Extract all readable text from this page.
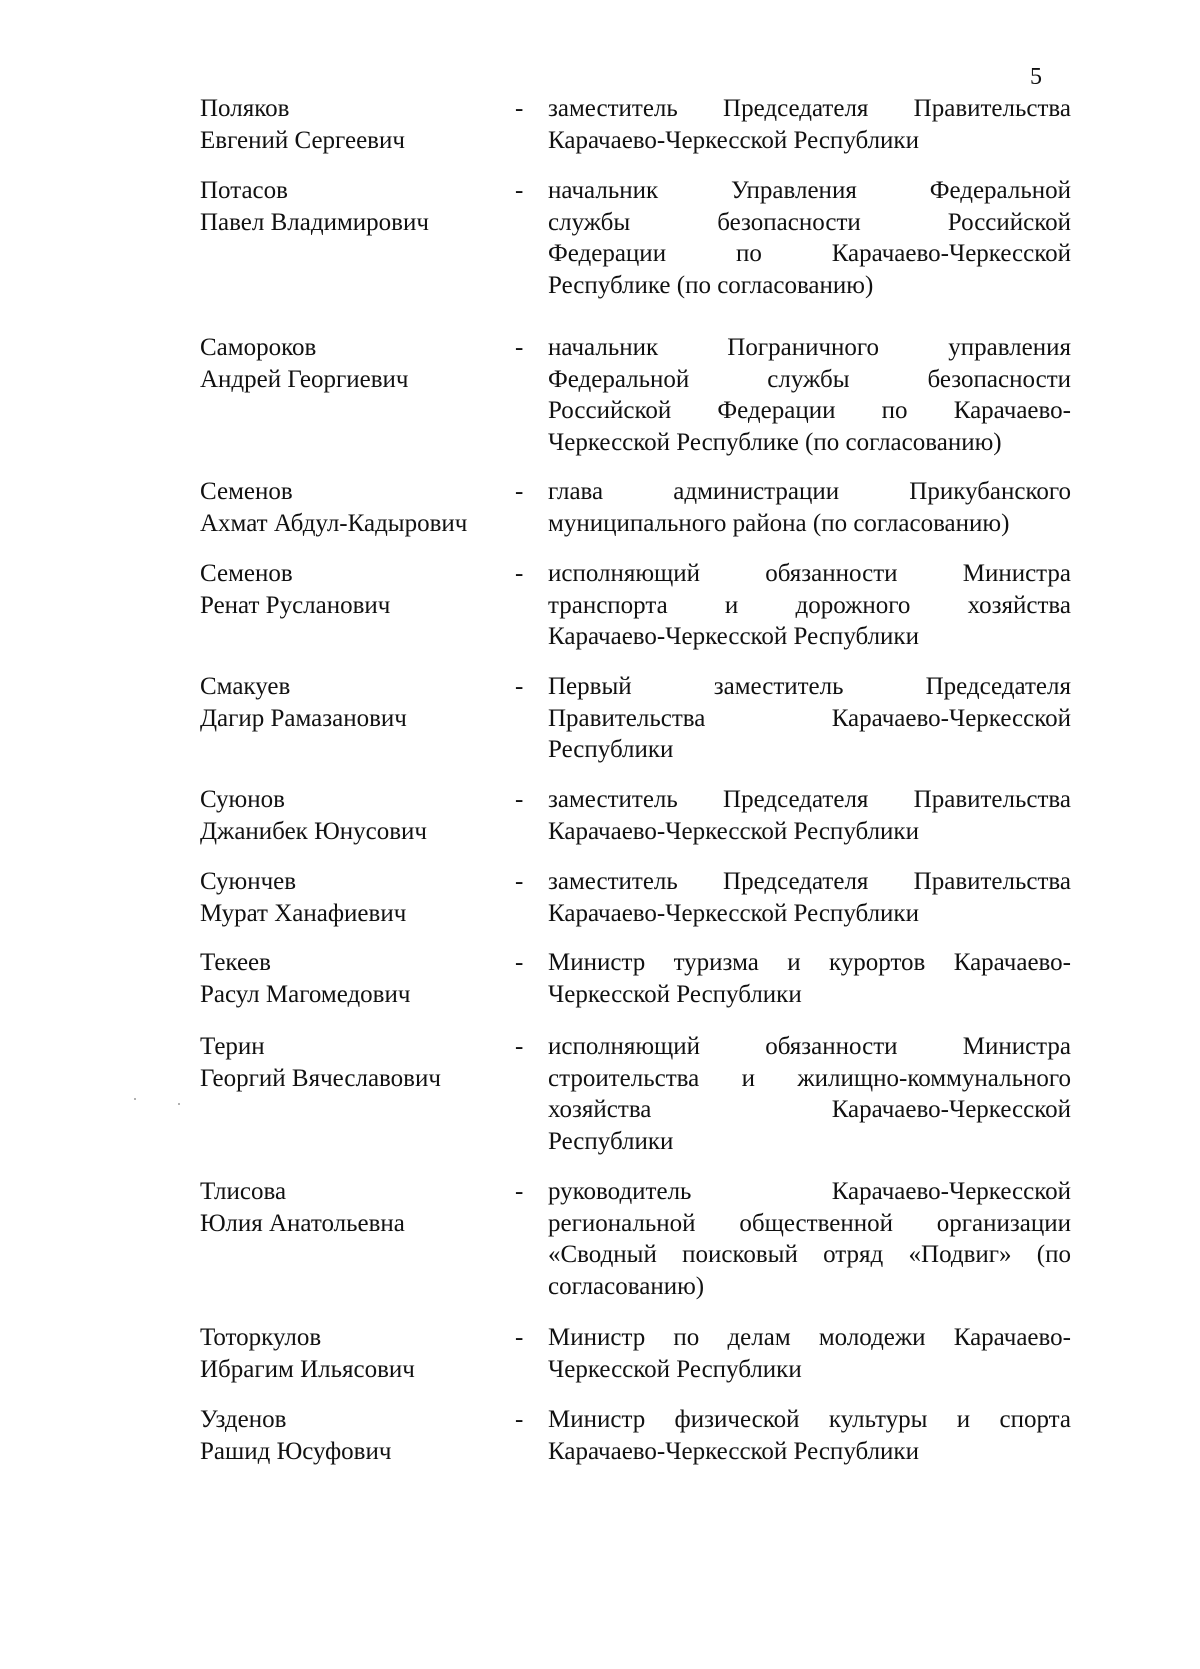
5
Поляков
Евгений Сергеевич
- заместитель Председателя Правительства
Карачаево-Черкесской Республики
Потасов
Павел Владимирович
- начальник Управления Федеральной
службы безопасности Российской
Федерации по Карачаево-Черкесской
Республике (по согласованию)
Самороков
Андрей Георгиевич
- начальник Пограничного управления
Федеральной службы безопасности
Российской Федерации по Карачаево-
Черкесской Республике (по согласованию)
Семенов
Ахмат Абдул-Кадырович
- глава администрации Прикубанского
муниципального района (по согласованию)
Семенов
Ренат Русланович
- исполняющий обязанности Министра
транспорта и дорожного хозяйства
Карачаево-Черкесской Республики
Смакуев
Дагир Рамазанович
- Первый заместитель Председателя
Правительства Карачаево-Черкесской
Республики
Суюнов
Джанибек Юнусович
- заместитель Председателя Правительства
Карачаево-Черкесской Республики
Суюнчев
Мурат Ханафиевич
- заместитель Председателя Правительства
Карачаево-Черкесской Республики
Текеев
Расул Магомедович
- Министр туризма и курортов Карачаево-
Черкесской Республики
Терин
Георгий Вячеславович
- исполняющий обязанности Министра
строительства и жилищно-коммунального
хозяйства Карачаево-Черкесской
Республики
Тлисова
Юлия Анатольевна
- руководитель Карачаево-Черкесской
региональной общественной организации
«Сводный поисковый отряд «Подвиг» (по
согласованию)
Тоторкулов
Ибрагим Ильясович
- Министр по делам молодежи Карачаево-
Черкесской Республики
Узденов
Рашид Юсуфович
- Министр физической культуры и спорта
Карачаево-Черкесской Республики
